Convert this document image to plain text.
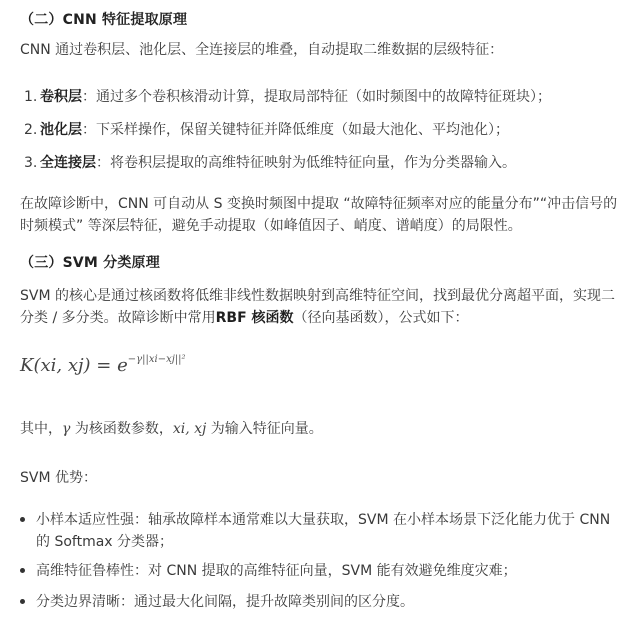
（二）CNN 特征提取原理
CNN 通过卷积层、池化层、全连接层的堆叠，自动提取二维数据的层级特征：
1. 卷积层：通过多个卷积核滑动计算，提取局部特征（如时频图中的故障特征斑块）；
2. 池化层：下采样操作，保留关键特征并降低维度（如最大池化、平均池化）；
3. 全连接层：将卷积层提取的高维特征映射为低维特征向量，作为分类器输入。
在故障诊断中，CNN 可自动从 S 变换时频图中提取 “故障特征频率对应的能量分布”“冲击信号的时频模式” 等深层特征，避免手动提取（如峰值因子、峭度、谱峭度）的局限性。
（三）SVM 分类原理
SVM 的核心是通过核函数将低维非线性数据映射到高维特征空间，找到最优分离超平面，实现二分类 / 多分类。故障诊断中常用RBF 核函数（径向基函数），公式如下：
K(xi, $xj) = e^{-\gamma||xi-xj||^2}$
其中，γ 为核函数参数，xi, xj 为输入特征向量。
SVM 优势：
小样本适应性强：轴承故障样本通常难以大量获取，SVM 在小样本场景下泛化能力优于 CNN 的 Softmax 分类器；
高维特征鲁棒性：对 CNN 提取的高维特征向量，SVM 能有效避免维度灾难；
分类边界清晰：通过最大化间隔，提升故障类别间的区分度。
